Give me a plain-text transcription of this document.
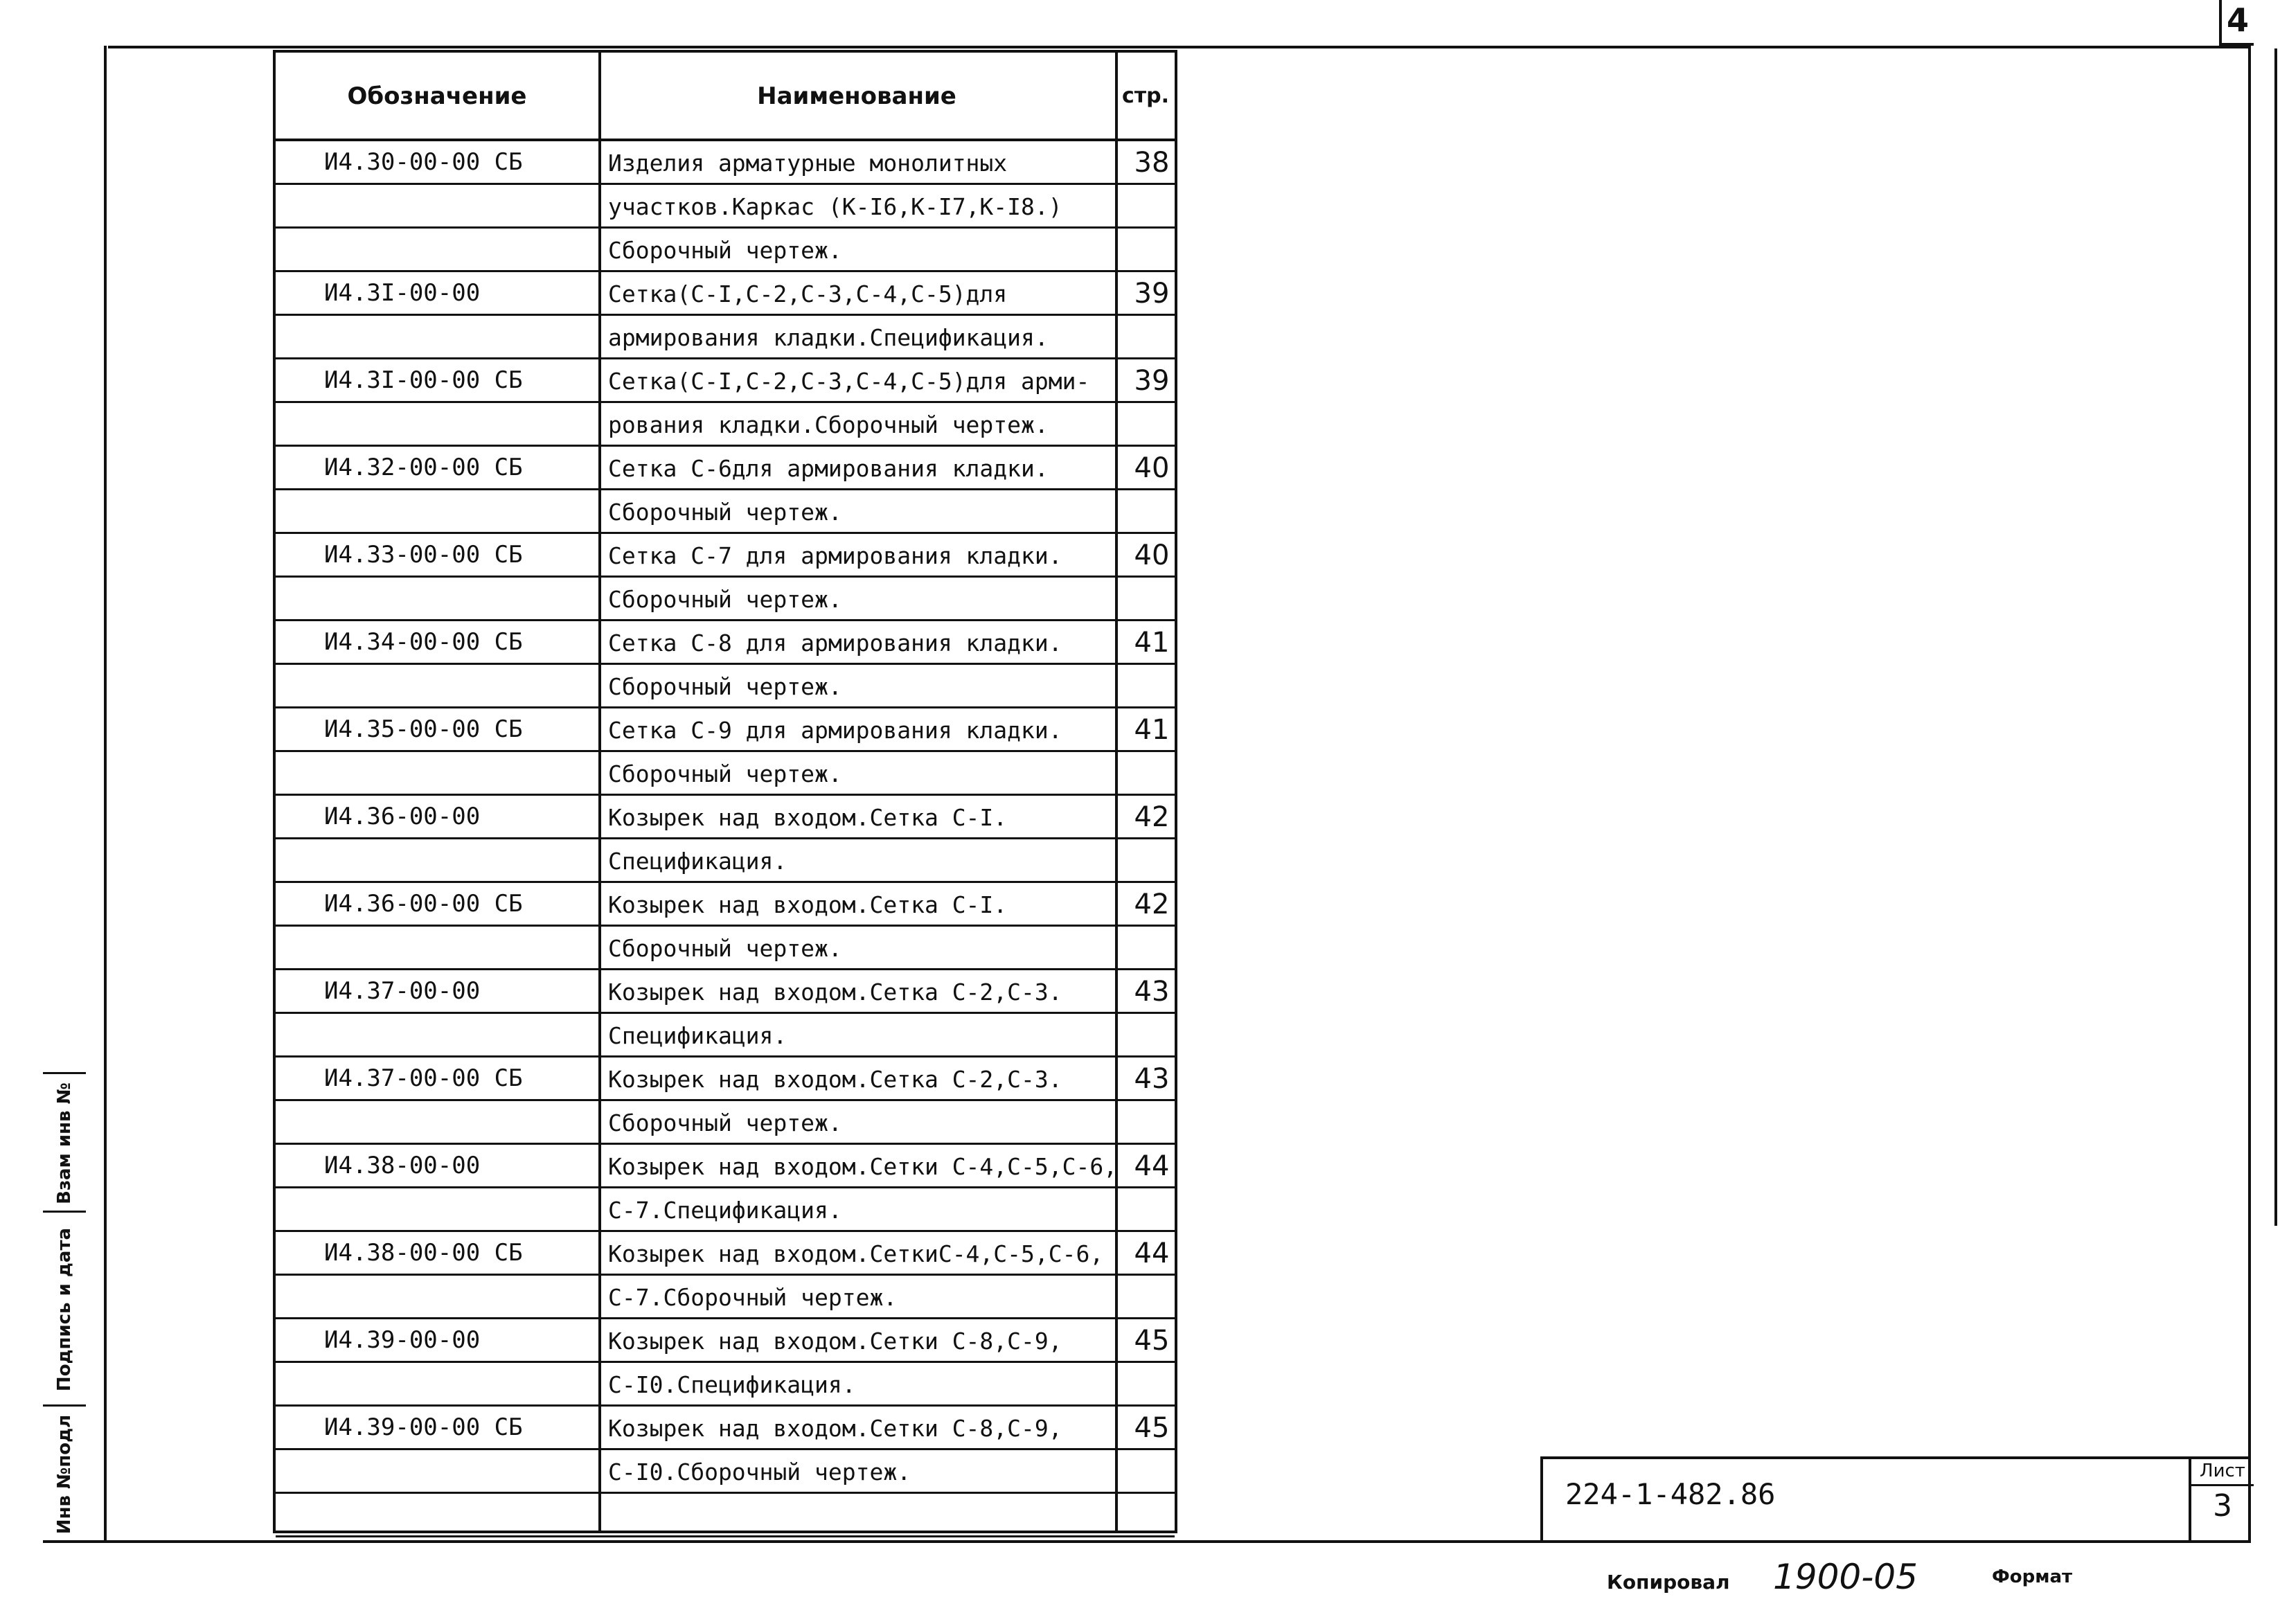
4
Обозначение	Наименование	стр.
И4.30-00-00 СБ	Изделия арматурные монолитных	38
участков.Каркас (К-I6,К-I7,К-I8.)
Сборочный чертеж.
И4.3I-00-00	Сетка(С-I,С-2,С-3,С-4,С-5)для	39
армирования кладки.Спецификация.
И4.3I-00-00 СБ	Сетка(С-I,С-2,С-3,С-4,С-5)для арми- 39
рования кладки.Сборочный чертеж.
И4.32-00-00 СБ	Сетка С-6для армирования кладки.	40
Сборочный чертеж.
И4.33-00-00 СБ	Сетка С-7 для армирования кладки.	40
Сборочный чертеж.
И4.34-00-00 СБ	Сетка С-8 для армирования кладки.	41
Сборочный чертеж.
И4.35-00-00 СБ	Сетка С-9 для армирования кладки.	41
Сборочный чертеж.
И4.36-00-00	Козырек над входом.Сетка С-I.	42
Спецификация.
И4.36-00-00 СБ	Козырек над входом.Сетка С-I.	42
Сборочный чертеж.
И4.37-00-00	Козырек над входом.Сетка С-2,С-3.	43
Спецификация.
И4.37-00-00 СБ	Козырек над входом.Сетка С-2,С-3.	43
Сборочный чертеж.
И4.38-00-00	Козырек над входом.Сетки С-4,С-5,С-6, 44
С-7.Спецификация.
И4.38-00-00 СБ	Козырек над входом.СеткиС-4,С-5,С-6, 44
С-7.Сборочный чертеж.
И4.39-00-00	Козырек над входом.Сетки С-8,С-9,	45
С-I0.Спецификация.
И4.39-00-00 СБ	Козырек над входом.Сетки С-8,С-9,	45
С-I0.Сборочный чертеж.
Взам инв №
Подпись и дата
Инв №подл	224-1-482.86
Лист
3
Копировал 1900-05	Формат
